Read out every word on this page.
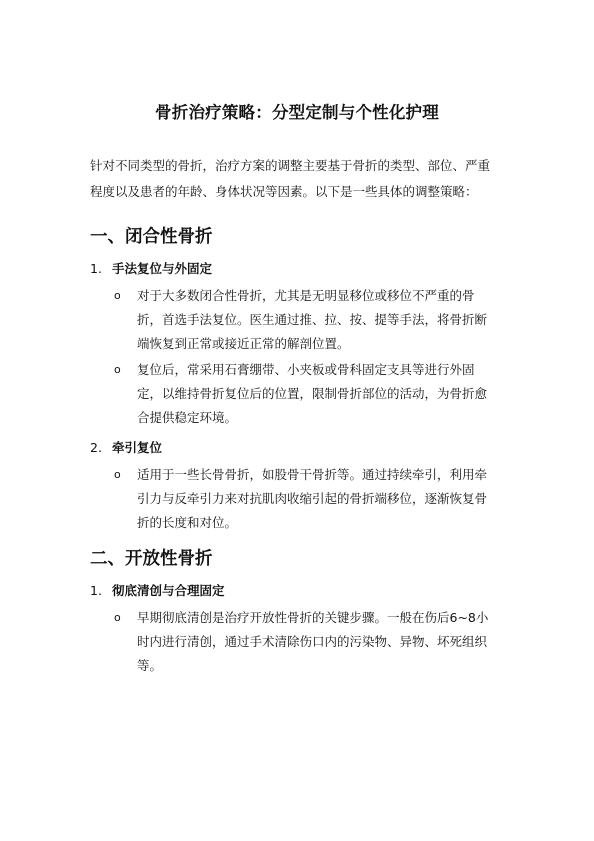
骨折治疗策略：分型定制与个性化护理

针对不同类型的骨折，治疗方案的调整主要基于骨折的类型、部位、严重程度以及患者的年龄、身体状况等因素。以下是一些具体的调整策略：

一、闭合性骨折
1. 手法复位与外固定
o	对于大多数闭合性骨折，尤其是无明显移位或移位不严重的骨折，首选手法复位。医生通过推、拉、按、提等手法，将骨折断端恢复到正常或接近正常的解剖位置。
o	复位后，常采用石膏绷带、小夹板或骨科固定支具等进行外固定，以维持骨折复位后的位置，限制骨折部位的活动，为骨折愈合提供稳定环境。
2. 牵引复位
o	适用于一些长骨骨折，如股骨干骨折等。通过持续牵引，利用牵引力与反牵引力来对抗肌肉收缩引起的骨折端移位，逐渐恢复骨折的长度和对位。
二、开放性骨折
1. 彻底清创与合理固定
o	早期彻底清创是治疗开放性骨折的关键步骤。一般在伤后6~8小时内进行清创，通过手术清除伤口内的污染物、异物、坏死组织等。
